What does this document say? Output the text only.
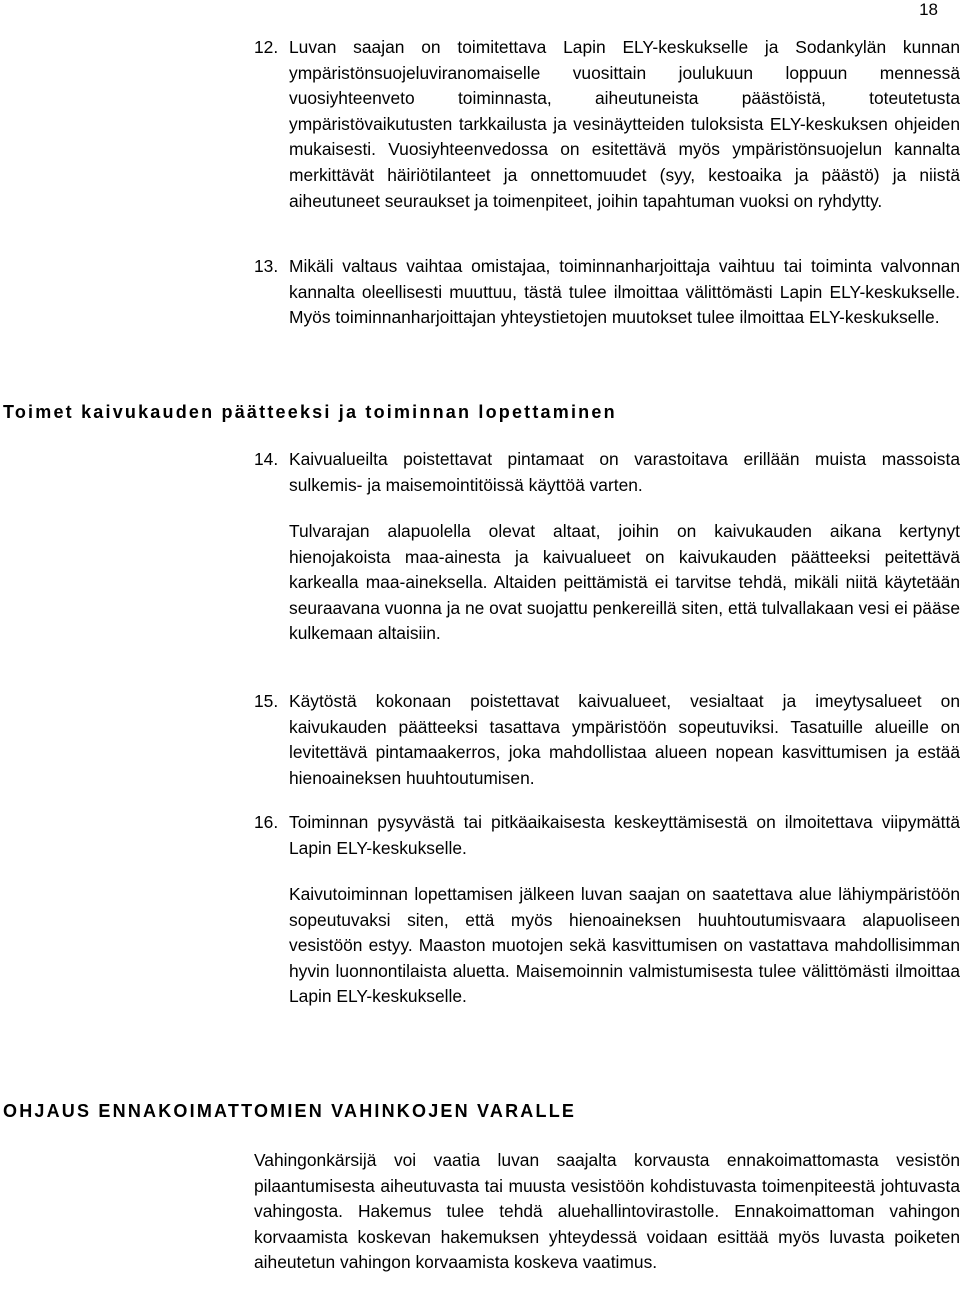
18
12. Luvan saajan on toimitettava Lapin ELY-keskukselle ja Sodankylän kunnan ympäristönsuojeluviranomaiselle vuosittain joulukuun loppuun mennessä vuosiyhteenveto toiminnasta, aiheutuneista päästöistä, toteutetusta ympäristövaikutusten tarkkailusta ja vesinäytteiden tuloksista ELY-keskuksen ohjeiden mukaisesti. Vuosiyhteenvedossa on esitettävä myös ympäristönsuojelun kannalta merkittävät häiriötilanteet ja onnettomuudet (syy, kestoaika ja päästö) ja niistä aiheutuneet seuraukset ja toimenpiteet, joihin tapahtuman vuoksi on ryhdytty.

13. Mikäli valtaus vaihtaa omistajaa, toiminnanharjoittaja vaihtuu tai toiminta valvonnan kannalta oleellisesti muuttuu, tästä tulee ilmoittaa välittömästi Lapin ELY-keskukselle. Myös toiminnanharjoittajan yhteystietojen muutokset tulee ilmoittaa ELY-keskukselle.

Toimet kaivukauden päätteeksi ja toiminnan lopettaminen
14. Kaivualueilta poistettavat pintamaat on varastoitava erillään muista massoista sulkemis- ja maisemointitöissä käyttöä varten.

Tulvarajan alapuolella olevat altaat, joihin on kaivukauden aikana kertynyt hienojakoista maa-ainesta ja kaivualueet on kaivukauden päätteeksi peitettävä karkealla maa-aineksella. Altaiden peittämistä ei tarvitse tehdä, mikäli niitä käytetään seuraavana vuonna ja ne ovat suojattu penkereillä siten, että tulvallakaan vesi ei pääse kulkemaan altaisiin.

15. Käytöstä kokonaan poistettavat kaivualueet, vesialtaat ja imeytysalueet on kaivukauden päätteeksi tasattava ympäristöön sopeutuviksi. Tasatuille alueille on levitettävä pintamaakerros, joka mahdollistaa alueen nopean kasvittumisen ja estää hienoaineksen huuhtoutumisen.

16. Toiminnan pysyvästä tai pitkäaikaisesta keskeyttämisestä on ilmoitettava viipymättä Lapin ELY-keskukselle.

Kaivutoiminnan lopettamisen jälkeen luvan saajan on saatettava alue lähiympäristöön sopeutuvaksi siten, että myös hienoaineksen huuhtoutumisvaara alapuoliseen vesistöön estyy. Maaston muotojen sekä kasvittumisen on vastattava mahdollisimman hyvin luonnontilaista aluetta. Maisemoinnin valmistumisesta tulee välittömästi ilmoittaa Lapin ELY-keskukselle.

OHJAUS ENNAKOIMATTOMIEN VAHINKOJEN VARALLE

Vahingonkärsijä voi vaatia luvan saajalta korvausta ennakoimattomasta vesistön pilaantumisesta aiheutuvasta tai muusta vesistöön kohdistuvasta toimenpiteestä johtuvasta vahingosta. Hakemus tulee tehdä aluehallintovirastolle. Ennakoimattoman vahingon korvaamista koskevan hakemuksen yhteydessä voidaan esittää myös luvasta poiketen aiheutetun vahingon korvaamista koskeva vaatimus.
